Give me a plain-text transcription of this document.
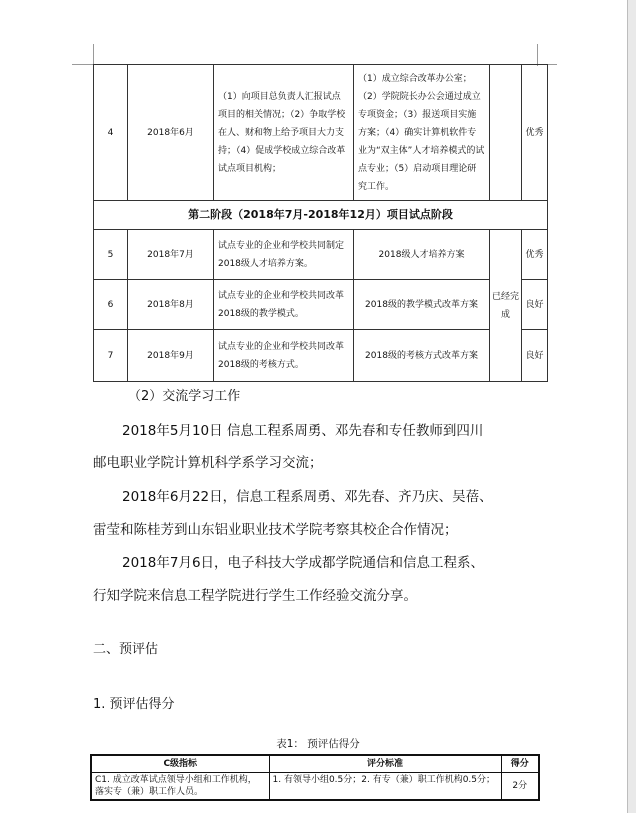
4	2018年6月	（1）向项目总负责人汇报试点项目的相关情况；（2）争取学校在人、财和物上给予项目大力支持；（4）促成学校成立综合改革试点项目机构；	（1）成立综合改革办公室；（2）学院院长办公会通过成立专项资金；（3）报送项目实施方案；（4）确实计算机软件专业为“双主体”人才培养模式的试点专业；（5）启动项目理论研究工作。		优秀
第二阶段（2018年7月-2018年12月）项目试点阶段					
5	2018年7月	试点专业的企业和学校共同制定2018级人才培养方案。	2018级人才培养方案	已经完成	优秀
6	2018年8月	试点专业的企业和学校共同改革2018级的教学模式。	2018级的教学模式改革方案		良好
7	2018年9月	试点专业的企业和学校共同改革2018级的考核方式。	2018级的考核方式改革方案		良好
（2）交流学习工作
2018年5月10日 信息工程系周勇、邓先春和专任教师到四川
邮电职业学院计算机科学系学习交流；
2018年6月22日，信息工程系周勇、邓先春、齐乃庆、吴蓓、
雷莹和陈桂芳到山东铝业职业技术学院考察其校企合作情况；
2018年7月6日，电子科技大学成都学院通信和信息工程系、
行知学院来信息工程学院进行学生工作经验交流分享。
二、预评估
1. 预评估得分
表1： 预评估得分
C级指标	评分标准	得分
C1. 成立改革试点领导小组和工作机构，落实专（兼）职工作人员。	1. 有领导小组0.5分；2. 有专（兼）职工作机构0.5分；	2分
